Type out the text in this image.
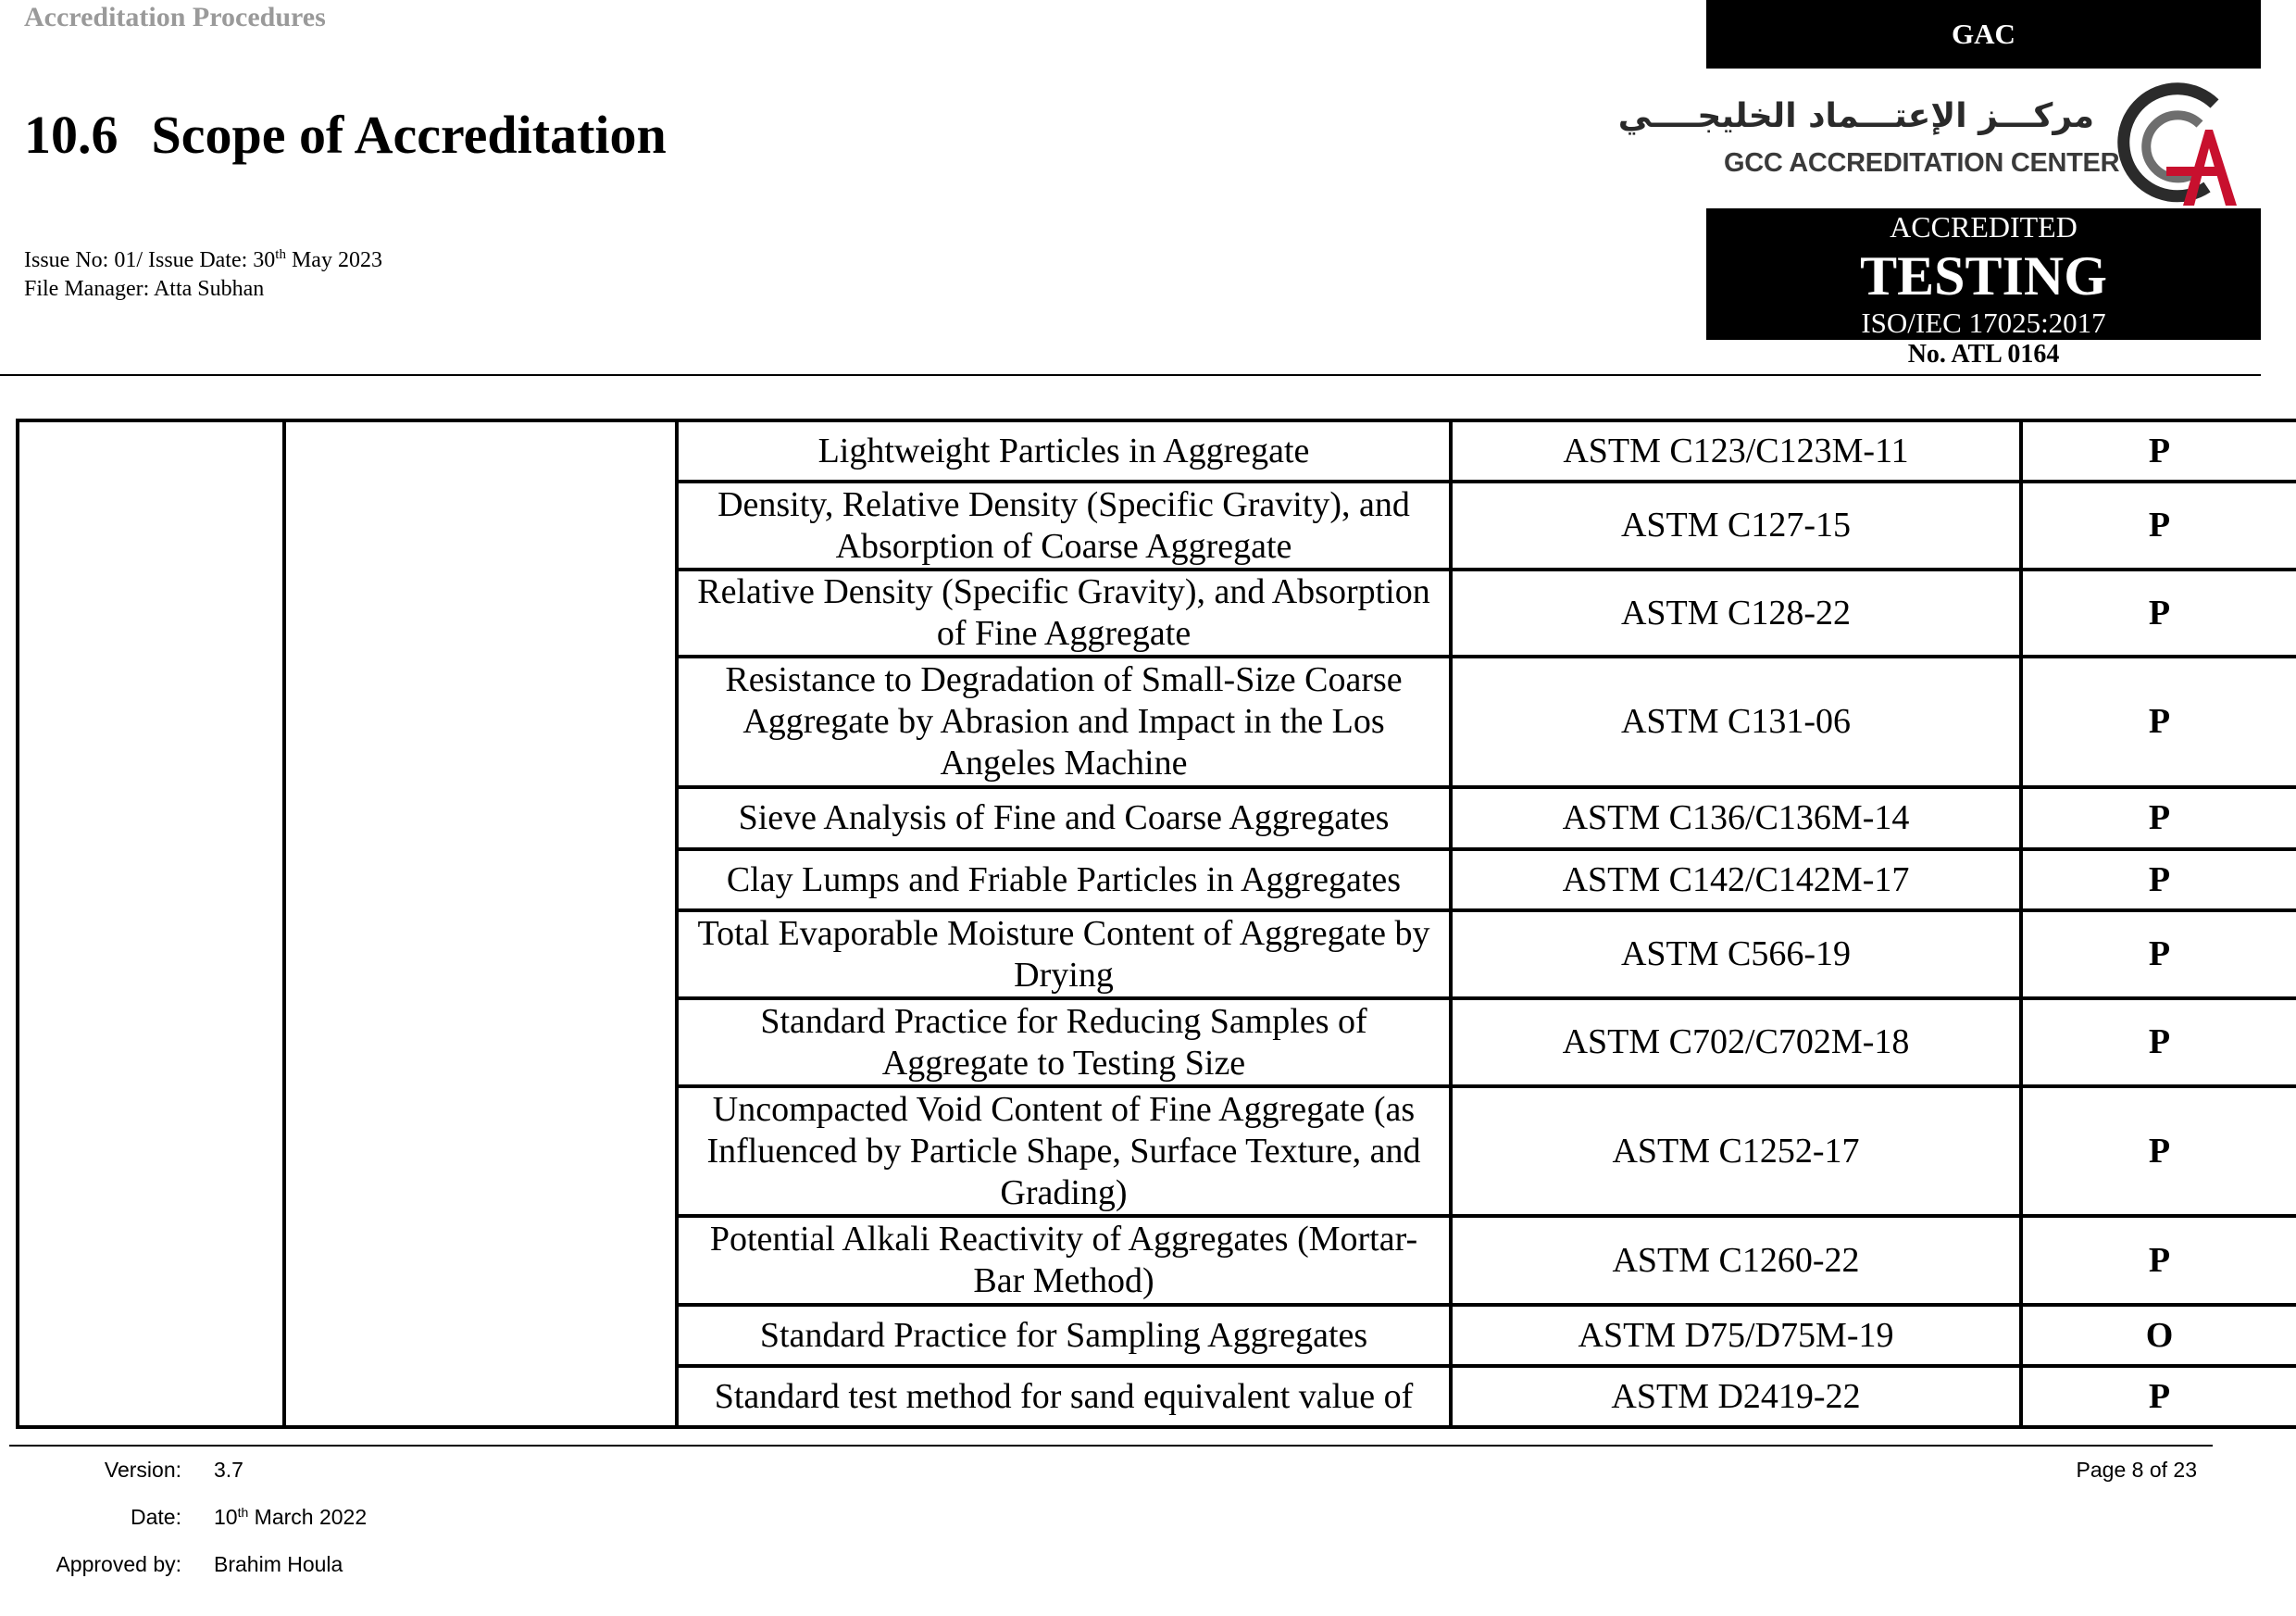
Accreditation Procedures
10.6 Scope of Accreditation
Issue No: 01/ Issue Date: 30th May 2023
File Manager: Atta Subhan
GAC
مركـــز الإعتـــماد الخليجــــي
GCC ACCREDITATION CENTER
ACCREDITED
TESTING
ISO/IEC 17025:2017
No. ATL 0164
		Lightweight Particles in Aggregate	ASTM C123/C123M-11	P
		Density, Relative Density (Specific Gravity), and Absorption of Coarse Aggregate	ASTM C127-15	P
		Relative Density (Specific Gravity), and Absorption of Fine Aggregate	ASTM C128-22	P
		Resistance to Degradation of Small-Size Coarse Aggregate by Abrasion and Impact in the Los Angeles Machine	ASTM C131-06	P
		Sieve Analysis of Fine and Coarse Aggregates	ASTM C136/C136M-14	P
		Clay Lumps and Friable Particles in Aggregates	ASTM C142/C142M-17	P
		Total Evaporable Moisture Content of Aggregate by Drying	ASTM C566-19	P
		Standard Practice for Reducing Samples of Aggregate to Testing Size	ASTM C702/C702M-18	P
		Uncompacted Void Content of Fine Aggregate (as Influenced by Particle Shape, Surface Texture, and Grading)	ASTM C1252-17	P
		Potential Alkali Reactivity of Aggregates (Mortar-Bar Method)	ASTM C1260-22	P
		Standard Practice for Sampling Aggregates	ASTM D75/D75M-19	O
		Standard test method for sand equivalent value of	ASTM D2419-22	P
Version: 3.7
Date: 10th March 2022
Approved by: Brahim Houla
Page 8 of 23
